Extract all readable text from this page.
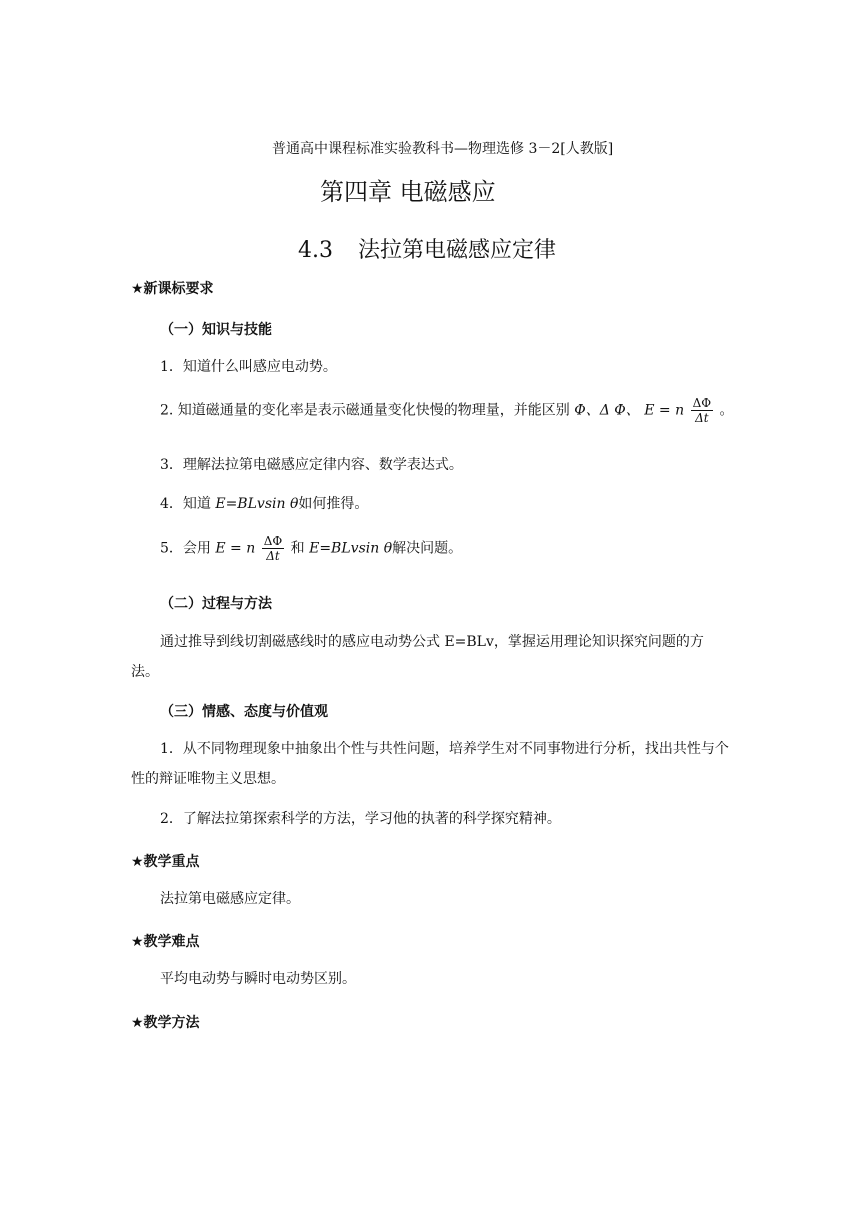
普通高中课程标准实验教科书—物理选修 3－2[人教版]
第四章 电磁感应
4.3 法拉第电磁感应定律
★新课标要求
（一）知识与技能
1．知道什么叫感应电动势。
2. 知道磁通量的变化率是表示磁通量变化快慢的物理量，并能区别 Φ、Δ Φ、 E = n $\frac{\Delta\Phi}{\Delta t}$ 。
3．理解法拉第电磁感应定律内容、数学表达式。
4．知道 E=BLvsin θ如何推得。
5．会用 E = n $\frac{\Delta\Phi}{\Delta t}$ 和 E=BLvsin θ解决问题。
（二）过程与方法
通过推导到线切割磁感线时的感应电动势公式 E=BLv，掌握运用理论知识探究问题的方法。
（三）情感、态度与价值观
1．从不同物理现象中抽象出个性与共性问题，培养学生对不同事物进行分析，找出共性与个性的辩证唯物主义思想。
2．了解法拉第探索科学的方法，学习他的执著的科学探究精神。
★教学重点
法拉第电磁感应定律。
★教学难点
平均电动势与瞬时电动势区别。
★教学方法
